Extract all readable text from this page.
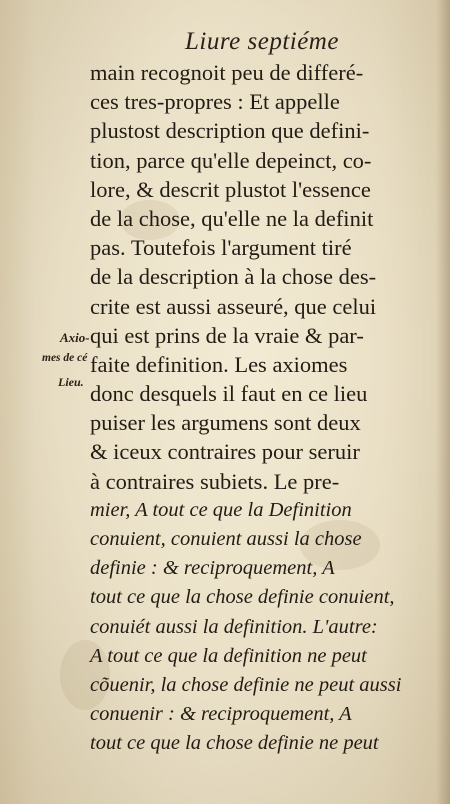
Liure septiéme
Axio-
mes de cé
Lieu.
main recognoit peu de differé-
ces tres-propres : Et appelle
plustost description que defini-
tion, parce qu'elle depeinct, co-
lore, & descrit plustot l'essence
de la chose, qu'elle ne la definit
pas. Toutefois l'argument tiré
de la description à la chose des-
crite est aussi asseuré, que celui
qui est prins de la vraie & par-
faite definition. Les axiomes
donc desquels il faut en ce lieu
puiser les argumens sont deux
& iceux contraires pour seruir
à contraires subiets. Le pre-
mier, A tout ce que la Definition
conuient, conuient aussi la chose
definie : & reciproquement, A
tout ce que la chose definie conuient,
conuiét aussi la definition. L'autre:
A tout ce que la definition ne peut
cõuenir, la chose definie ne peut aussi
conuenir : & reciproquement, A
tout ce que la chose definie ne peut
